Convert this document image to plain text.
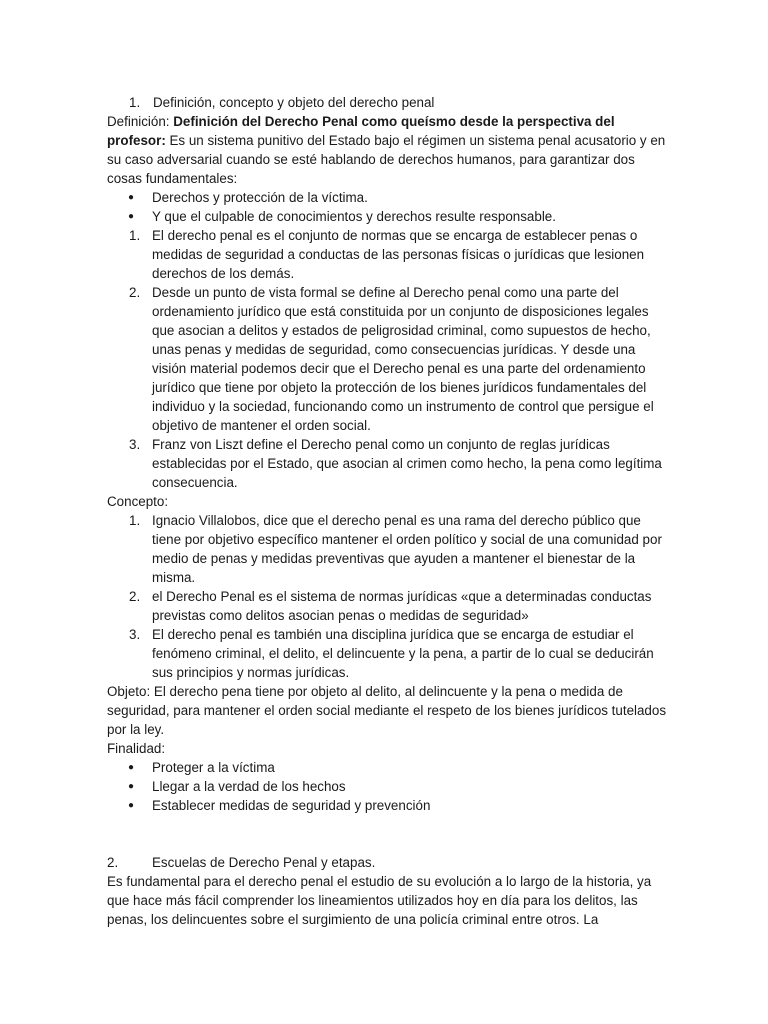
1. Definición, concepto y objeto del derecho penal

Definición: Definición del Derecho Penal como queísmo desde la perspectiva del profesor: Es un sistema punitivo del Estado bajo el régimen un sistema penal acusatorio y en su caso adversarial cuando se esté hablando de derechos humanos, para garantizar dos cosas fundamentales:

●	Derechos y protección de la víctima.
●	Y que el culpable de conocimientos y derechos resulte responsable.
1. El derecho penal es el conjunto de normas que se encarga de establecer penas o medidas de seguridad a conductas de las personas físicas o jurídicas que lesionen derechos de los demás.
2. Desde un punto de vista formal se define al Derecho penal como una parte del ordenamiento jurídico que está constituida por un conjunto de disposiciones legales que asocian a delitos y estados de peligrosidad criminal, como supuestos de hecho, unas penas y medidas de seguridad, como consecuencias jurídicas. Y desde una visión material podemos decir que el Derecho penal es una parte del ordenamiento jurídico que tiene por objeto la protección de los bienes jurídicos fundamentales del individuo y la sociedad, funcionando como un instrumento de control que persigue el objetivo de mantener el orden social.
3. Franz von Liszt define el Derecho penal como un conjunto de reglas jurídicas establecidas por el Estado, que asocian al crimen como hecho, la pena como legítima consecuencia.

Concepto:

1. Ignacio Villalobos, dice que el derecho penal es una rama del derecho público que tiene por objetivo específico mantener el orden político y social de una comunidad por medio de penas y medidas preventivas que ayuden a mantener el bienestar de la misma.
2. el Derecho Penal es el sistema de normas jurídicas «que a determinadas conductas previstas como delitos asocian penas o medidas de seguridad»
3. El derecho penal es también una disciplina jurídica que se encarga de estudiar el fenómeno criminal, el delito, el delincuente y la pena, a partir de lo cual se deducirán sus principios y normas jurídicas.

Objeto: El derecho pena tiene por objeto al delito, al delincuente y la pena o medida de seguridad, para mantener el orden social mediante el respeto de los bienes jurídicos tutelados por la ley.

Finalidad:

●	Proteger a la víctima
●	Llegar a la verdad de los hechos
●	Establecer medidas de seguridad y prevención

2.	Escuelas de Derecho Penal y etapas.

Es fundamental para el derecho penal el estudio de su evolución a lo largo de la historia, ya que hace más fácil comprender los lineamientos utilizados hoy en día para los delitos, las penas, los delincuentes sobre el surgimiento de una policía criminal entre otros. La
